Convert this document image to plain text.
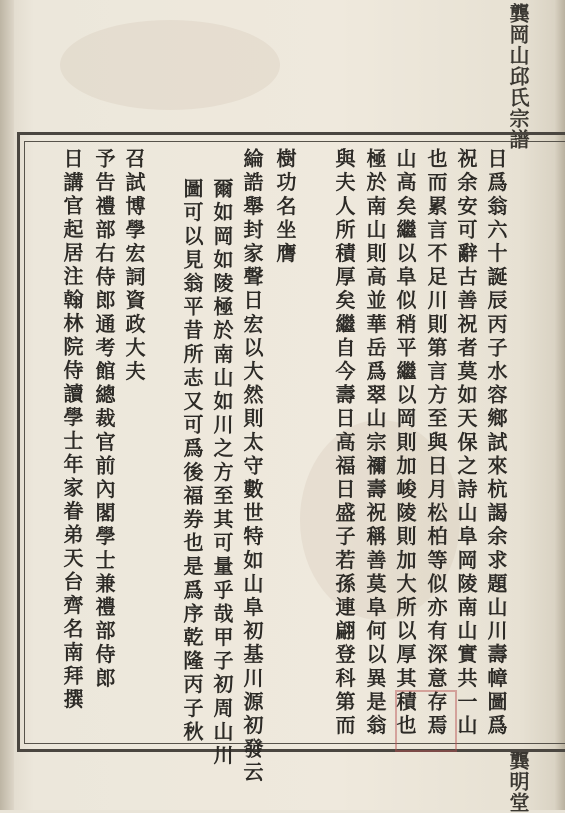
龔岡山邱氏宗譜龔明堂
日爲翁六十誕辰丙子水容鄉試來杭謁余求題山川壽幛圖爲
祝余安可辭古善祝者莫如天保之詩山阜岡陵南山實共一山
也而累言不足川則第言方至與日月松柏等似亦有深意存焉
山高矣繼以阜似稍平繼以岡則加峻陵則加大所以厚其積也
極於南山則高並華岳爲翠山宗禰壽祝稱善莫阜何以異是翁
與夫人所積厚矣繼自今壽日高福日盛子若孫連翩登科第而
樹功名坐膺
綸誥舉封家聲日宏以大然則太守數世特如山阜初基川源初發云
爾如岡如陵極於南山如川之方至其可量乎哉甲子初周山川
圖可以見翁平昔所志又可爲後福券也是爲序乾隆丙子秋
召試博學宏詞資政大夫
予告禮部右侍郎通考館總裁官前內閣學士兼禮部侍郎
日講官起居注翰林院侍讀學士年家眷弟天台齊名南拜撰
